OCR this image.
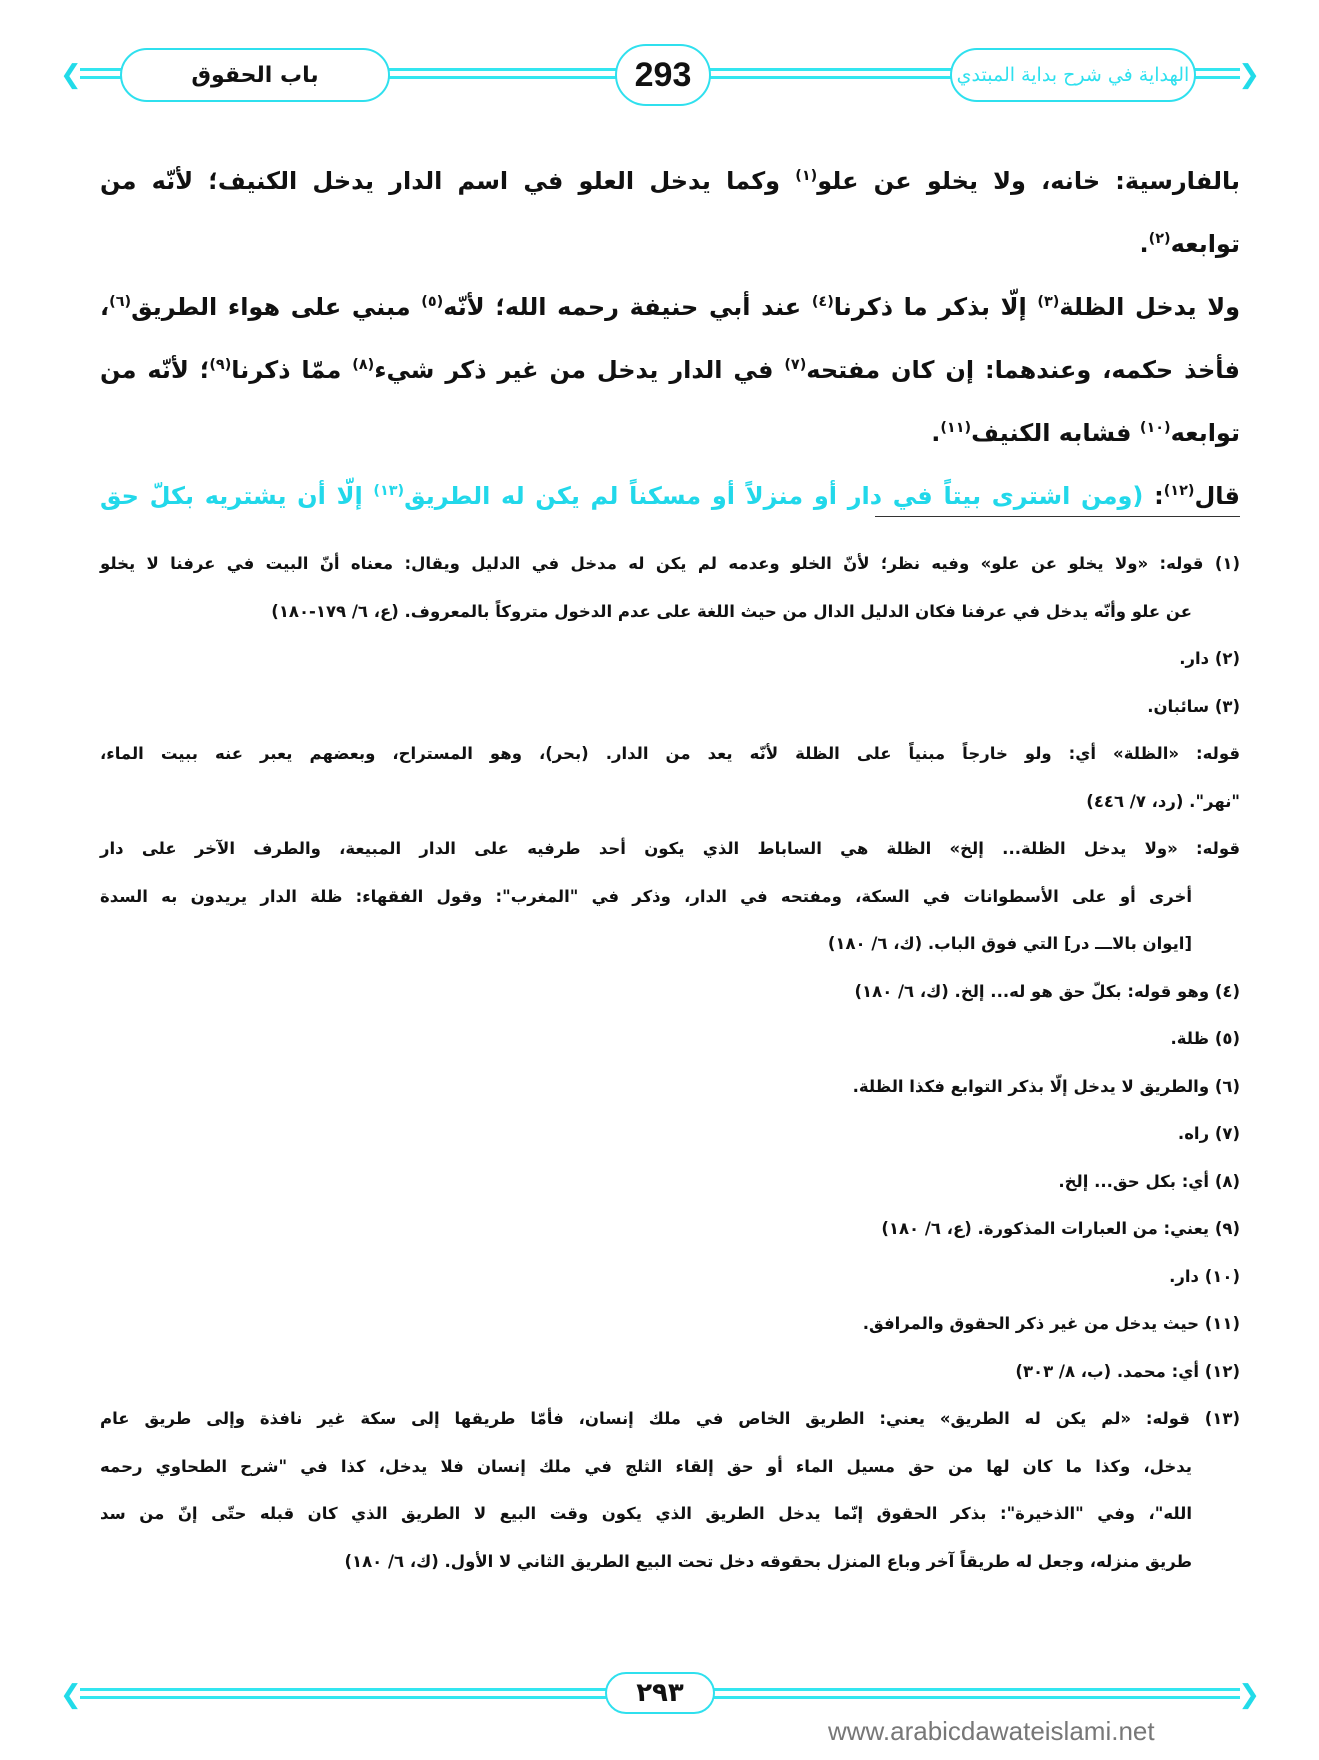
❮	❯
باب الحقوق	293	الهداية في شرح بداية المبتدي
بالفارسية: خانه، ولا يخلو عن علو$^{(١)}$ وكما يدخل العلو في اسم الدار يدخل الكنيف؛ لأنّه من توابعه$^{(٢)}$.
ولا يدخل الظلة$^{(٣)}$ إلّا بذكر ما ذكرنا$^{(٤)}$ عند أبي حنيفة رحمه الله؛ لأنّه$^{(٥)}$ مبني على هواء الطريق$^{(٦)}$،
فأخذ حكمه، وعندهما: إن كان مفتحه$^{(٧)}$ في الدار يدخل من غير ذكر شيء$^{(٨)}$ ممّا ذكرنا$^{(٩)}$؛ لأنّه من
توابعه$^{(١٠)}$ فشابه الكنيف$^{(١١)}$.
قال$^{(١٢)}$: (ومن اشترى بيتاً في دار أو منزلاً أو مسكناً لم يكن له الطريق$^{(١٣)}$ إلّا أن يشتريه بكلّ حق
(١) قوله: «ولا يخلو عن علو» وفيه نظر؛ لأنّ الخلو وعدمه لم يكن له مدخل في الدليل ويقال: معناه أنّ البيت في عرفنا لا يخلو
عن علو وأنّه يدخل في عرفنا فكان الدليل الدال من حيث اللغة على عدم الدخول متروكاً بالمعروف. (ع، ٦/ ١٧٩-١٨٠)
(٢) دار.
(٣) سائبان.
قوله: «الظلة» أي: ولو خارجاً مبنياً على الظلة لأنّه يعد من الدار. (بحر)، وهو المستراح، وبعضهم يعبر عنه ببيت الماء،
"نهر". (رد، ٧/ ٤٤٦)
قوله: «ولا يدخل الظلة... إلخ» الظلة هي الساباط الذي يكون أحد طرفيه على الدار المبيعة، والطرف الآخر على دار
أخرى أو على الأسطوانات في السكة، ومفتحه في الدار، وذكر في "المغرب": وقول الفقهاء: ظلة الدار يريدون به السدة
[ايوان بالاـــ در] التي فوق الباب. (ك، ٦/ ١٨٠)
(٤) وهو قوله: بكلّ حق هو له... إلخ. (ك، ٦/ ١٨٠)
(٥) ظلة.
(٦) والطريق لا يدخل إلّا بذكر التوابع فكذا الظلة.
(٧) راه.
(٨) أي: بكل حق... إلخ.
(٩) يعني: من العبارات المذكورة. (ع، ٦/ ١٨٠)
(١٠) دار.
(١١) حيث يدخل من غير ذكر الحقوق والمرافق.
(١٢) أي: محمد. (ب، ٨/ ٣٠٣)
(١٣) قوله: «لم يكن له الطريق» يعني: الطريق الخاص في ملك إنسان، فأمّا طريقها إلى سكة غير نافذة وإلى طريق عام
يدخل، وكذا ما كان لها من حق مسيل الماء أو حق إلقاء الثلج في ملك إنسان فلا يدخل، كذا في "شرح الطحاوي رحمه
الله"، وفي "الذخيرة": بذكر الحقوق إنّما يدخل الطريق الذي يكون وقت البيع لا الطريق الذي كان قبله حتّى إنّ من سد
طريق منزله، وجعل له طريقاً آخر وباع المنزل بحقوقه دخل تحت البيع الطريق الثاني لا الأول. (ك، ٦/ ١٨٠)
❮	❯
٢٩٣
www.arabicdawateislami.net
